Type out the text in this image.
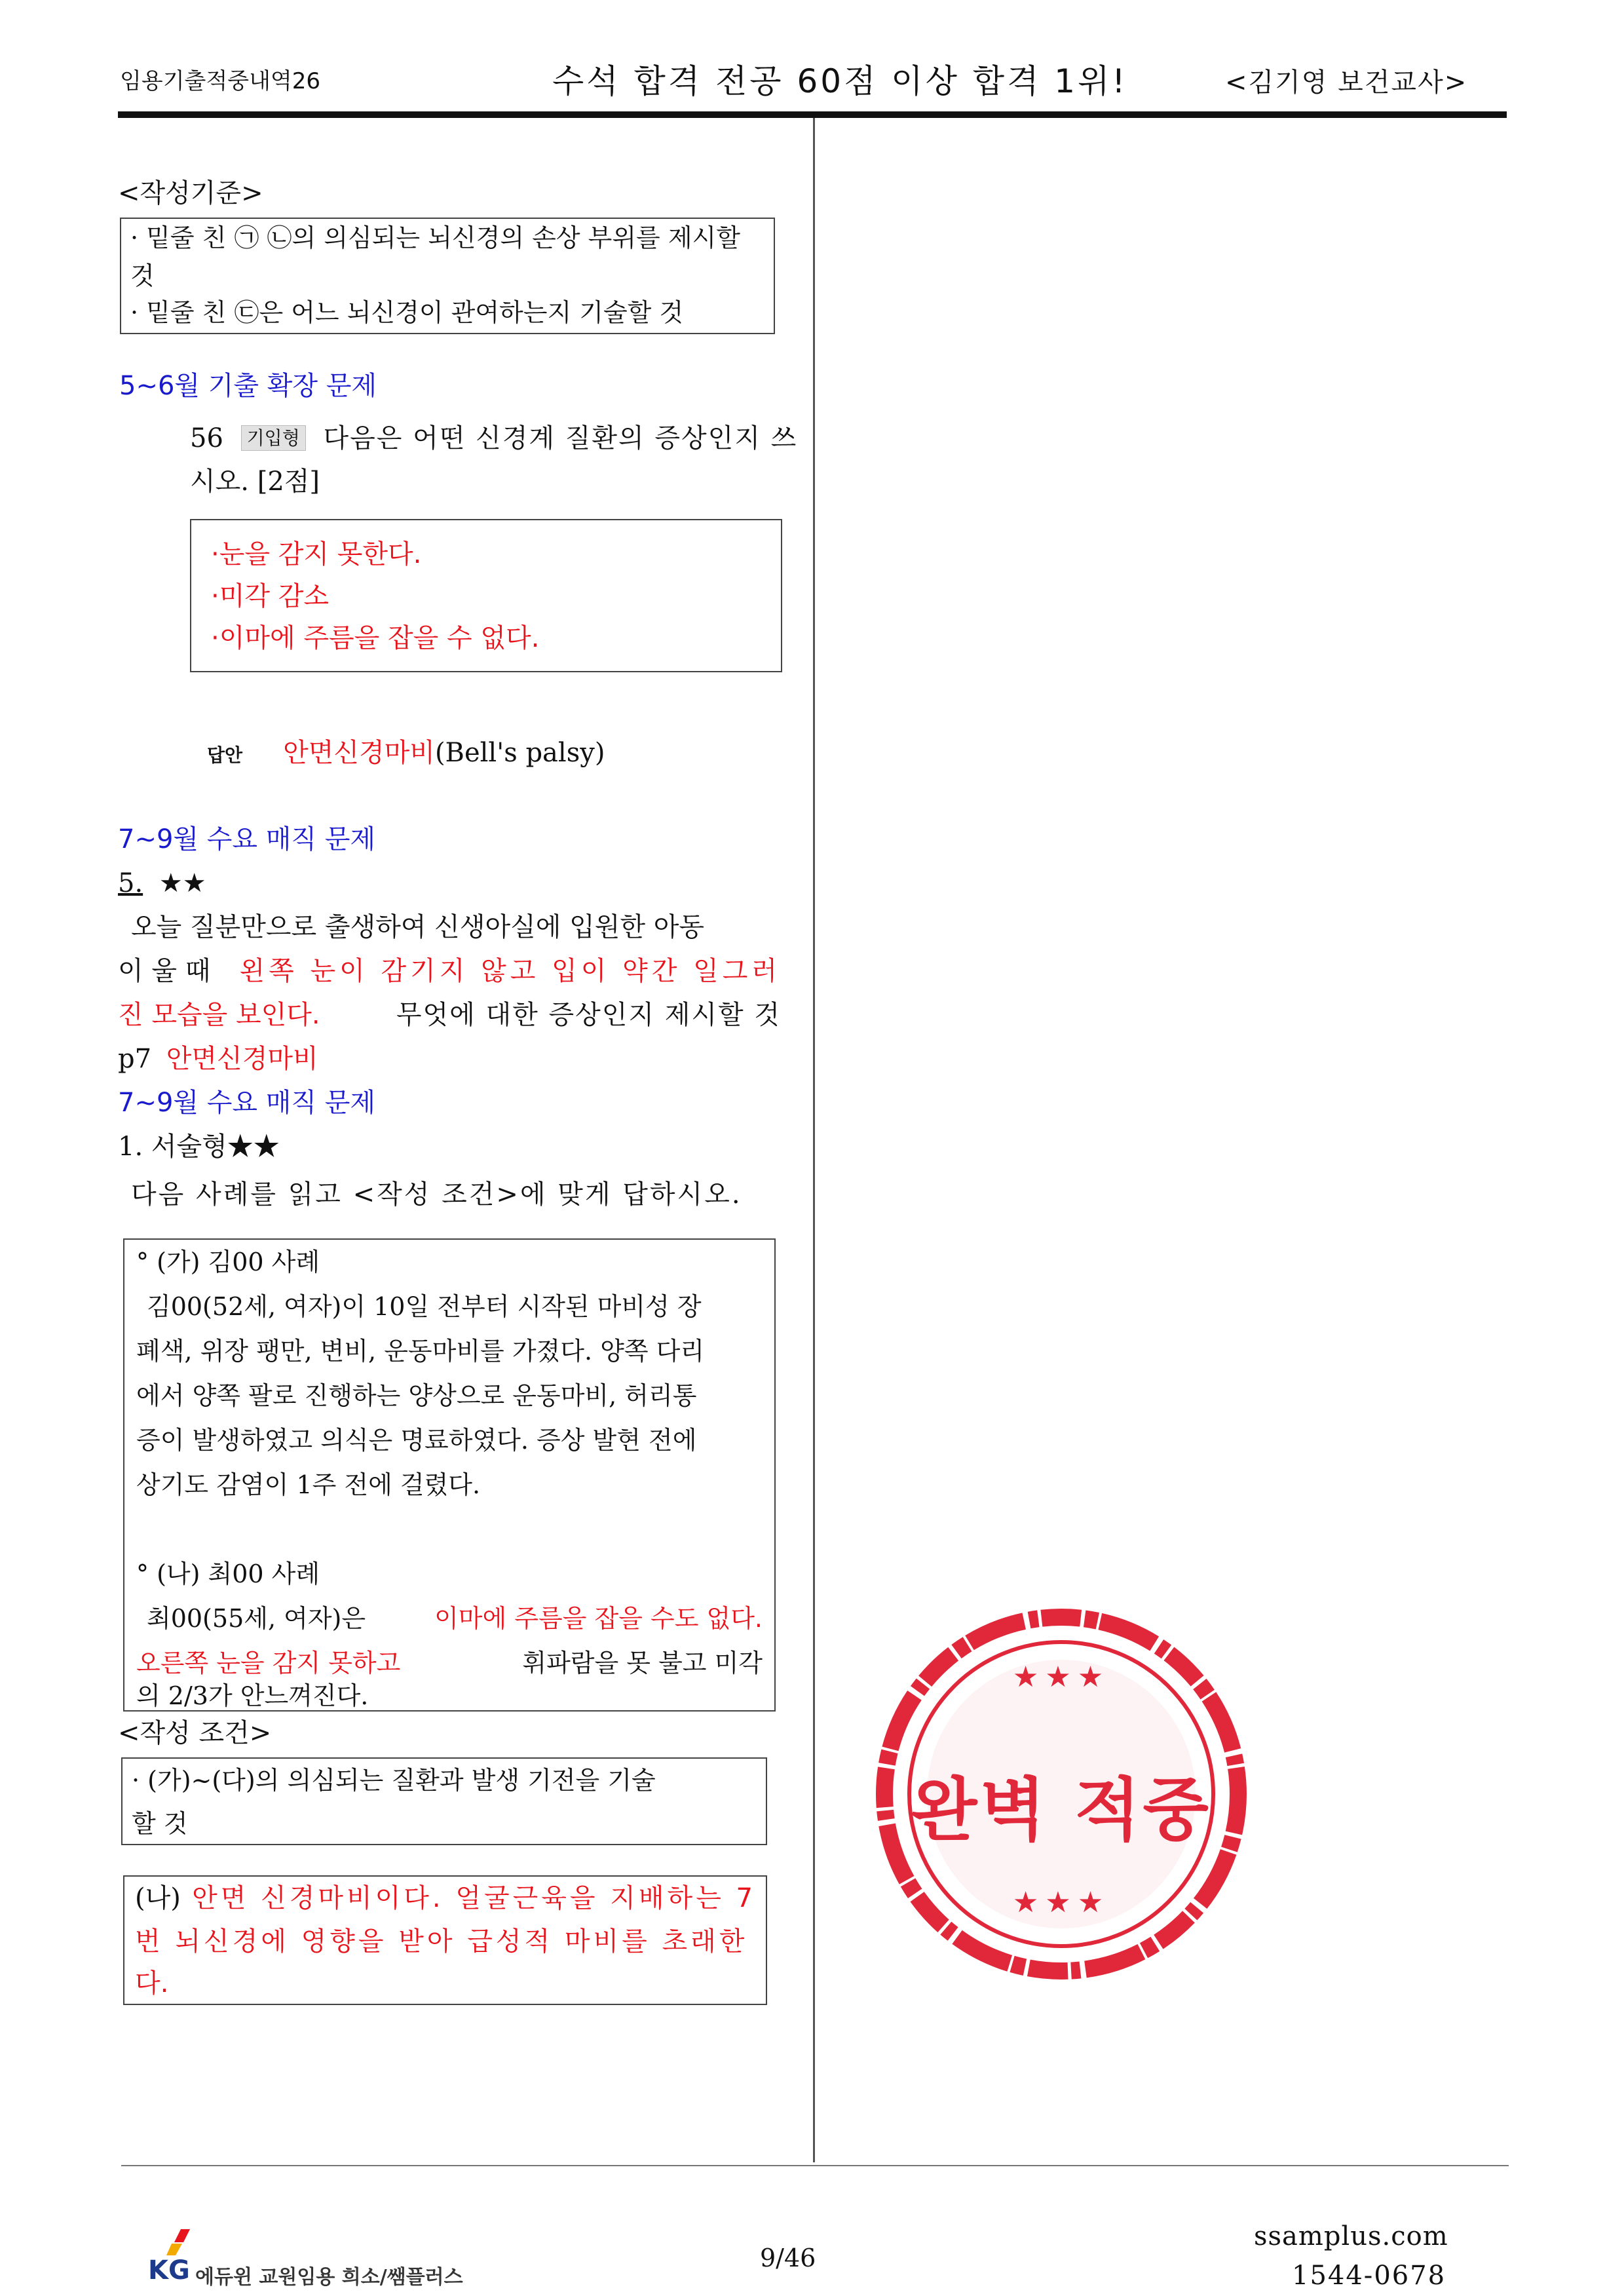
임용기출적중내역26	수석 합격 전공 60점 이상 합격 1위!	<김기영 보건교사>
<작성기준>
· 밑줄 친 ㉠ ㉡의 의심되는 뇌신경의 손상 부위를 제시할
것
· 밑줄 친 ㉢은 어느 뇌신경이 관여하는지 기술할 것
5~6월 기출 확장 문제
56 기입형 다음은 어떤 신경계 질환의 증상인지 쓰
시오. [2점]
·눈을 감지 못한다.
·미각 감소
·이마에 주름을 잡을 수 없다.
답안 안면신경마비(Bell's palsy)
7~9월 수요 매직 문제
5. ★★
오늘 질분만으로 출생하여 신생아실에 입원한 아동
이 울 때 왼쪽 눈이 감기지 않고 입이 약간 일그러
진 모습을 보인다.	무엇에 대한 증상인지 제시할 것
p7 안면신경마비
7~9월 수요 매직 문제
1. 서술형★★
다음 사례를 읽고 <작성 조건>에 맞게 답하시오.
° (가) 김00 사례
김00(52세, 여자)이 10일 전부터 시작된 마비성 장
폐색, 위장 팽만, 변비, 운동마비를 가졌다. 양쪽 다리
에서 양쪽 팔로 진행하는 양상으로 운동마비, 허리통
증이 발생하였고 의식은 명료하였다. 증상 발현 전에
상기도 감염이 1주 전에 걸렸다.
° (나) 최00 사례
최00(55세, 여자)은	이마에 주름을 잡을 수도 없다.
오른쪽 눈을 감지 못하고	휘파람을 못 불고 미각
의 2/3가 안느껴진다.
<작성 조건>
· (가)~(다)의 의심되는 질환과 발생 기전을 기술
할 것
(나) 안면 신경마비이다. 얼굴근육을 지배하는 7
번 뇌신경에 영향을 받아 급성적 마비를 초래한
다.
★★★
완벽 적중
★★★
KG 에듀윈 교원임용 희소/쌤플러스
9/46
ssamplus.com
1544-0678
